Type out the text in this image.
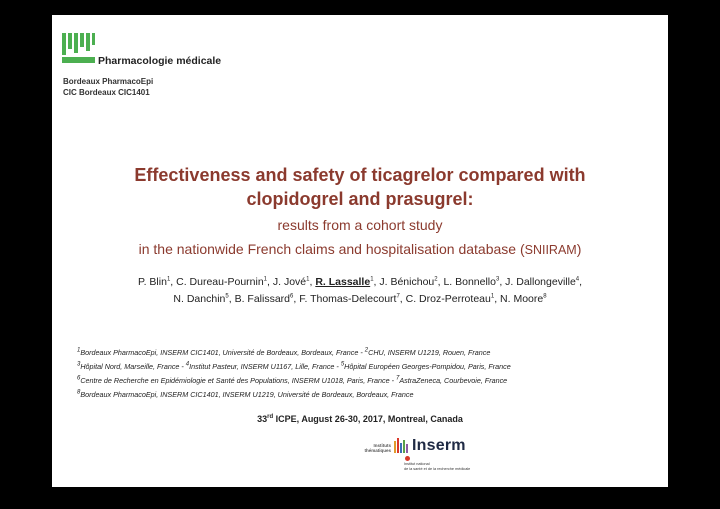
Pharmacologie médicale
Bordeaux PharmacoEpi
CIC Bordeaux CIC1401
Effectiveness and safety of ticagrelor compared with
clopidogrel and prasugrel:
results from a cohort study
in the nationwide French claims and hospitalisation database (SNIIRAM)
P. Blin$^1$, C. Dureau-Pournin$^1$, J. Jové$^1$, R. Lassalle$^1$, J. Bénichou$^2$, L. Bonnello$^3$, J. Dallongeville$^4$,
N. Danchin$^5$, B. Falissard$^6$, F. Thomas-Delecourt$^7$, C. Droz-Perroteau$^1$, N. Moore$^8$
$^1$Bordeaux PharmacoEpi, INSERM CIC1401, Université de Bordeaux, Bordeaux, France - $^2$CHU, INSERM U1219, Rouen, France
$^3$Hôpital Nord, Marseille, France - $^4$Institut Pasteur, INSERM U1167, Lille, France - $^5$Hôpital Européen Georges-Pompidou, Paris, France
$^6$Centre de Recherche en Epidémiologie et Santé des Populations, INSERM U1018, Paris, France - $^7$AstraZeneca, Courbevoie, France
$^8$Bordeaux PharmacoEpi, INSERM CIC1401, INSERM U1219, Université de Bordeaux, Bordeaux, France
33rd ICPE, August 26-30, 2017, Montreal, Canada
Instituts thématiques Inserm
Institut national
de la santé et de la recherche médicale
